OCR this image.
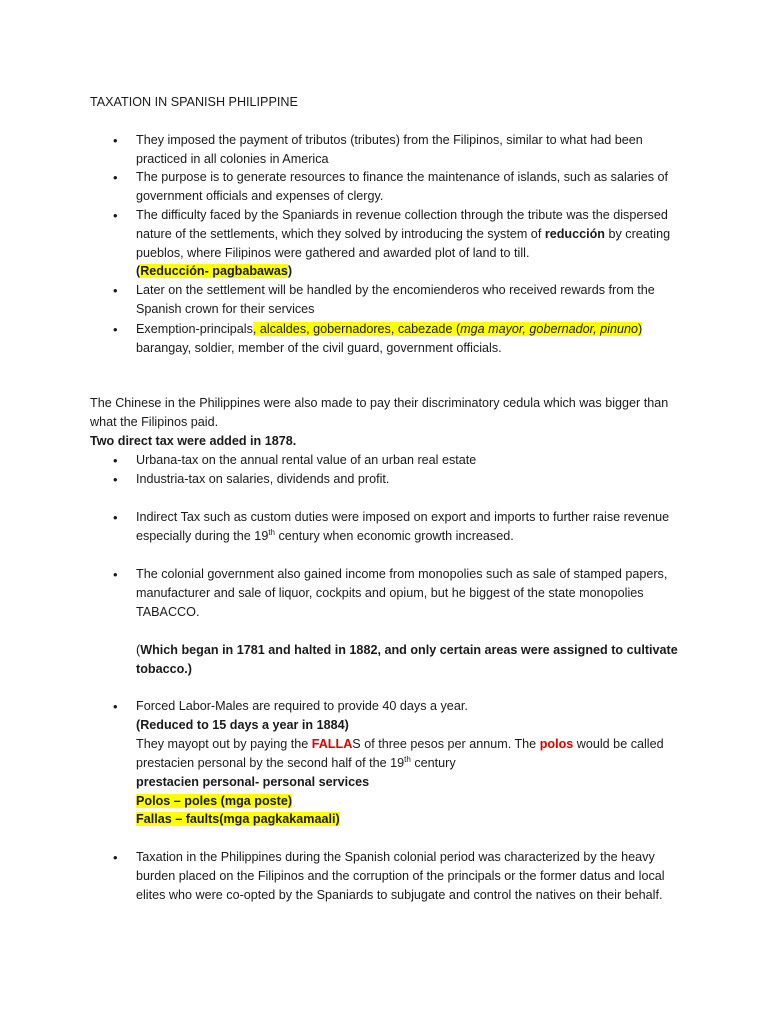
TAXATION IN SPANISH PHILIPPINE
• They imposed the payment of tributos (tributes) from the Filipinos, similar to what had been
practiced in all colonies in America
• The purpose is to generate resources to finance the maintenance of islands, such as salaries of
government officials and expenses of clergy.
• The difficulty faced by the Spaniards in revenue collection through the tribute was the dispersed
nature of the settlements, which they solved by introducing the system of reducción by creating
pueblos, where Filipinos were gathered and awarded plot of land to till.
(Reducción- pagbabawas)
• Later on the settlement will be handled by the encomienderos who received rewards from the
Spanish crown for their services
• Exemption-principals, alcaldes, gobernadores, cabezade (mga mayor, gobernador, pinuno)
barangay, soldier, member of the civil guard, government officials.
The Chinese in the Philippines were also made to pay their discriminatory cedula which was bigger than
what the Filipinos paid.
Two direct tax were added in 1878.
• Urbana-tax on the annual rental value of an urban real estate
• Industria-tax on salaries, dividends and profit.
• Indirect Tax such as custom duties were imposed on export and imports to further raise revenue
especially during the 19th century when economic growth increased.
• The colonial government also gained income from monopolies such as sale of stamped papers,
manufacturer and sale of liquor, cockpits and opium, but he biggest of the state monopolies
TABACCO.
(Which began in 1781 and halted in 1882, and only certain areas were assigned to cultivate
tobacco.)
• Forced Labor-Males are required to provide 40 days a year.
(Reduced to 15 days a year in 1884)
They mayopt out by paying the FALLAS of three pesos per annum. The polos would be called
prestacien personal by the second half of the 19th century
prestacien personal- personal services
Polos – poles (mga poste)
Fallas – faults(mga pagkakamaali)
• Taxation in the Philippines during the Spanish colonial period was characterized by the heavy
burden placed on the Filipinos and the corruption of the principals or the former datus and local
elites who were co-opted by the Spaniards to subjugate and control the natives on their behalf.
